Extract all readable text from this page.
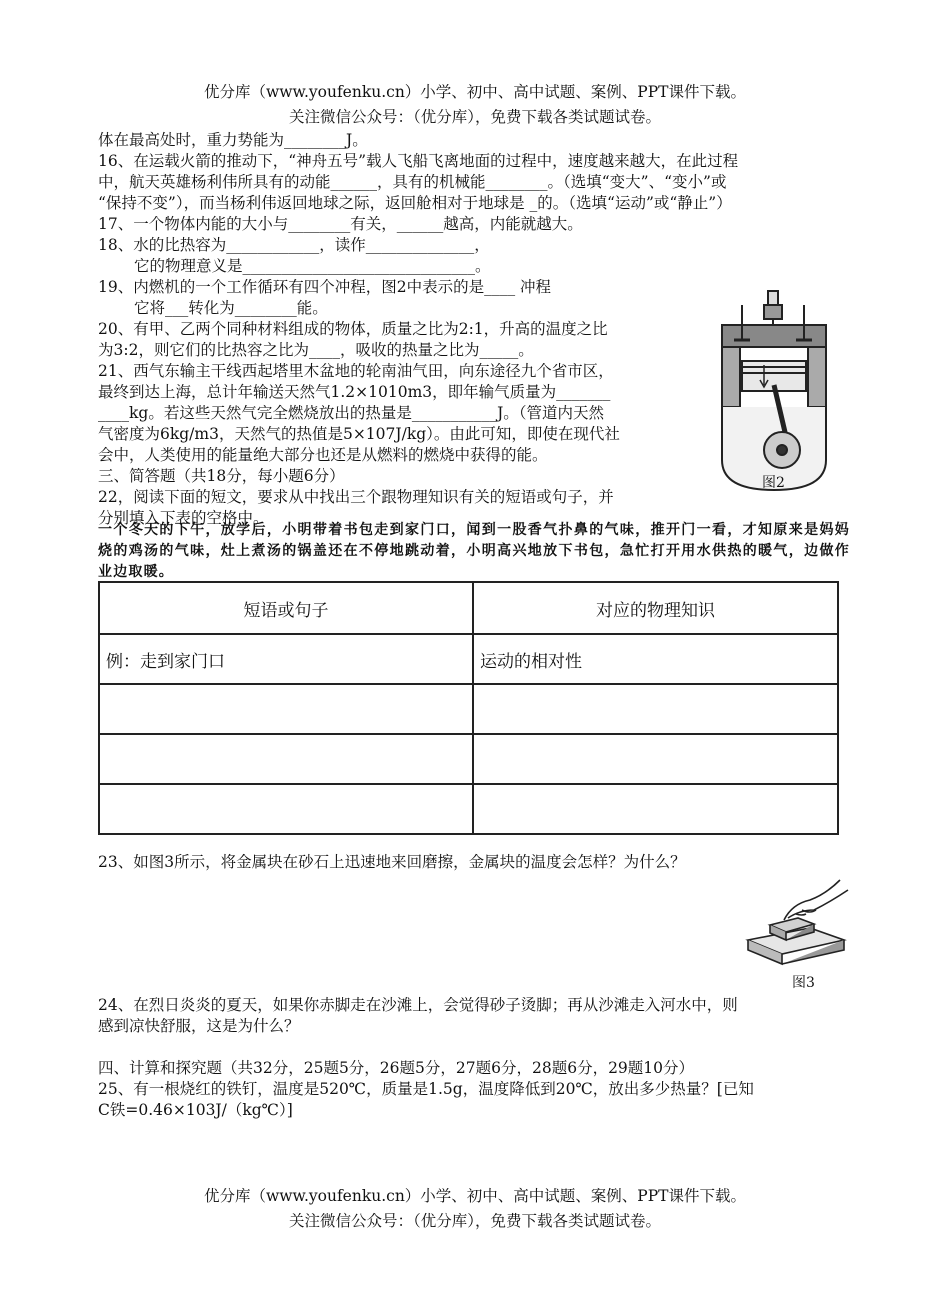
优分库（www.youfenku.cn）小学、初中、高中试题、案例、PPT课件下载。
关注微信公众号：（优分库），免费下载各类试题试卷。
体在最高处时，重力势能为________J。
16、在运载火箭的推动下，“神舟五号”载人飞船飞离地面的过程中，速度越来越大，在此过程
中，航天英雄杨利伟所具有的动能______，具有的机械能________。（选填“变大”、“变小”或
“保持不变”），而当杨利伟返回地球之际，返回舱相对于地球是 _的。（选填“运动”或“静止”）
17、一个物体内能的大小与________有关，______越高，内能就越大。
18、水的比热容为____________，读作______________，
它的物理意义是______________________________。
19、内燃机的一个工作循环有四个冲程，图2中表示的是____ 冲程
它将___转化为________能。
20、有甲、乙两个同种材料组成的物体，质量之比为2:1，升高的温度之比
为3:2，则它们的比热容之比为____，吸收的热量之比为_____。
21、西气东输主干线西起塔里木盆地的轮南油气田，向东途径九个省市区，
最终到达上海，总计年输送天然气1.2×1010m3，即年输气质量为_______
____kg。若这些天然气完全燃烧放出的热量是___________J。（管道内天然
气密度为6kg/m3，天然气的热值是5×107J/kg）。由此可知，即使在现代社
会中，人类使用的能量绝大部分也还是从燃料的燃烧中获得的能。
三、简答题（共18分，每小题6分）
22，阅读下面的短文，要求从中找出三个跟物理知识有关的短语或句子，并
分别填入下表的空格中。
图2
一个冬天的下午，放学后，小明带着书包走到家门口，闻到一股香气扑鼻的气味，推开门一看，才知原来是妈妈烧的鸡汤的气味，灶上煮汤的锅盖还在不停地跳动着，小明高兴地放下书包，急忙打开用水供热的暖气，边做作业边取暖。
短语或句子	对应的物理知识
例：走到家门口	运动的相对性

23、如图3所示，将金属块在砂石上迅速地来回磨擦，金属块的温度会怎样？为什么？
图3
24、在烈日炎炎的夏天，如果你赤脚走在沙滩上，会觉得砂子烫脚；再从沙滩走入河水中，则
感到凉快舒服，这是为什么？
四、计算和探究题（共32分，25题5分，26题5分，27题6分，28题6分，29题10分）
25、有一根烧红的铁钉，温度是520℃，质量是1.5g，温度降低到20℃，放出多少热量？[已知
C铁=0.46×103J/（kg℃）]
优分库（www.youfenku.cn）小学、初中、高中试题、案例、PPT课件下载。
关注微信公众号：（优分库），免费下载各类试题试卷。
